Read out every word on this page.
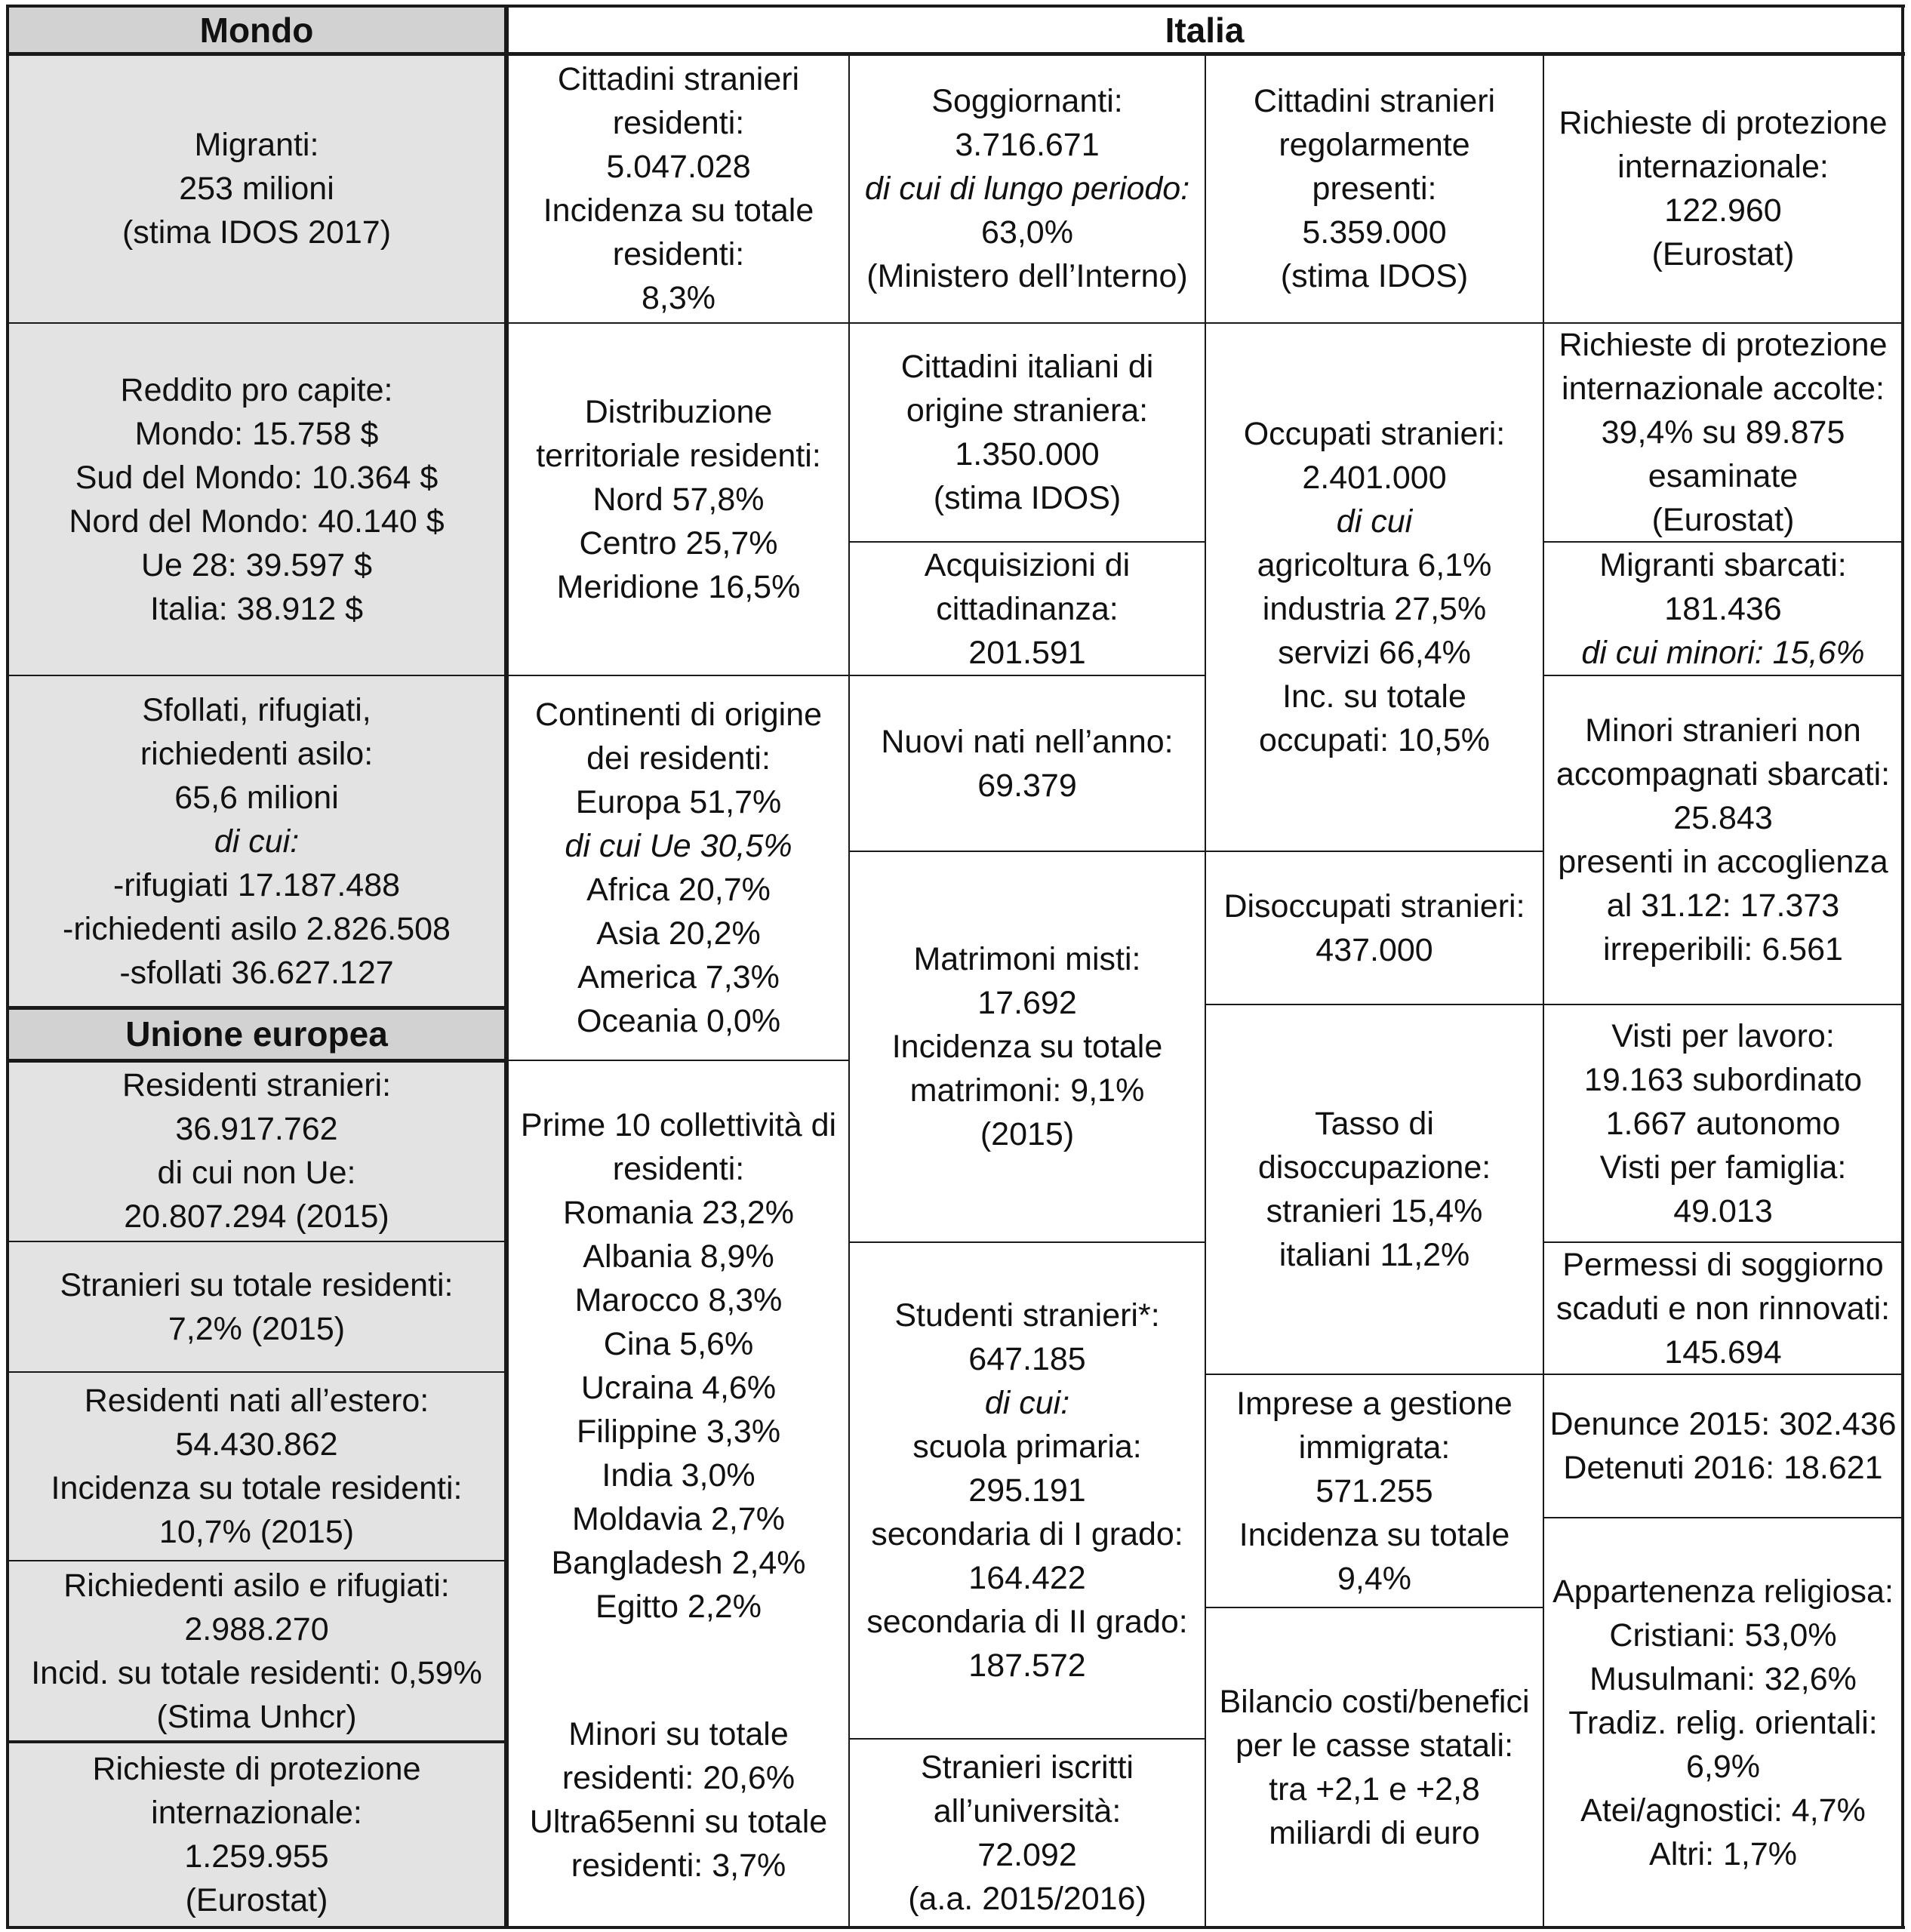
Mondo	Italia
Unione europea
Migranti:
253 milioni
(stima IDOS 2017)
Reddito pro capite:
Mondo: 15.758 $
Sud del Mondo: 10.364 $
Nord del Mondo: 40.140 $
Ue 28: 39.597 $
Italia: 38.912 $
Sfollati, rifugiati,
richiedenti asilo:
65,6 milioni
di cui:
-rifugiati 17.187.488
-richiedenti asilo 2.826.508
-sfollati 36.627.127
Residenti stranieri:
36.917.762
di cui non Ue:
20.807.294 (2015)
Stranieri su totale residenti:
7,2% (2015)
Residenti nati all’estero:
54.430.862
Incidenza su totale residenti:
10,7% (2015)
Richiedenti asilo e rifugiati:
2.988.270
Incid. su totale residenti: 0,59%
(Stima Unhcr)
Richieste di protezione
internazionale:
1.259.955
(Eurostat)
Cittadini stranieri
residenti:
5.047.028
Incidenza su totale
residenti:
8,3%
Distribuzione
territoriale residenti:
Nord 57,8%
Centro 25,7%
Meridione 16,5%
Continenti di origine
dei residenti:
Europa 51,7%
di cui Ue 30,5%
Africa 20,7%
Asia 20,2%
America 7,3%
Oceania 0,0%
Prime 10 collettività di
residenti:
Romania 23,2%
Albania 8,9%
Marocco 8,3%
Cina 5,6%
Ucraina 4,6%
Filippine 3,3%
India 3,0%
Moldavia 2,7%
Bangladesh 2,4%
Egitto 2,2%
Minori su totale
residenti: 20,6%
Ultra65enni su totale
residenti: 3,7%
Soggiornanti:
3.716.671
di cui di lungo periodo:
63,0%
(Ministero dell’Interno)
Cittadini italiani di
origine straniera:
1.350.000
(stima IDOS)
Acquisizioni di
cittadinanza:
201.591
Nuovi nati nell’anno:
69.379
Matrimoni misti:
17.692
Incidenza su totale
matrimoni: 9,1%
(2015)
Studenti stranieri*:
647.185
di cui:
scuola primaria:
295.191
secondaria di I grado:
164.422
secondaria di II grado:
187.572
Stranieri iscritti
all’università:
72.092
(a.a. 2015/2016)
Cittadini stranieri
regolarmente
presenti:
5.359.000
(stima IDOS)
Occupati stranieri:
2.401.000
di cui
agricoltura 6,1%
industria 27,5%
servizi 66,4%
Inc. su totale
occupati: 10,5%
Disoccupati stranieri:
437.000
Tasso di
disoccupazione:
stranieri 15,4%
italiani 11,2%
Imprese a gestione
immigrata:
571.255
Incidenza su totale
9,4%
Bilancio costi/benefici
per le casse statali:
tra +2,1 e +2,8
miliardi di euro
Richieste di protezione
internazionale:
122.960
(Eurostat)
Richieste di protezione
internazionale accolte:
39,4% su 89.875
esaminate
(Eurostat)
Migranti sbarcati:
181.436
di cui minori: 15,6%
Minori stranieri non
accompagnati sbarcati:
25.843
presenti in accoglienza
al 31.12: 17.373
irreperibili: 6.561
Visti per lavoro:
19.163 subordinato
1.667 autonomo
Visti per famiglia:
49.013
Permessi di soggiorno
scaduti e non rinnovati:
145.694
Denunce 2015: 302.436
Detenuti 2016: 18.621
Appartenenza religiosa:
Cristiani: 53,0%
Musulmani: 32,6%
Tradiz. relig. orientali:
6,9%
Atei/agnostici: 4,7%
Altri: 1,7%
